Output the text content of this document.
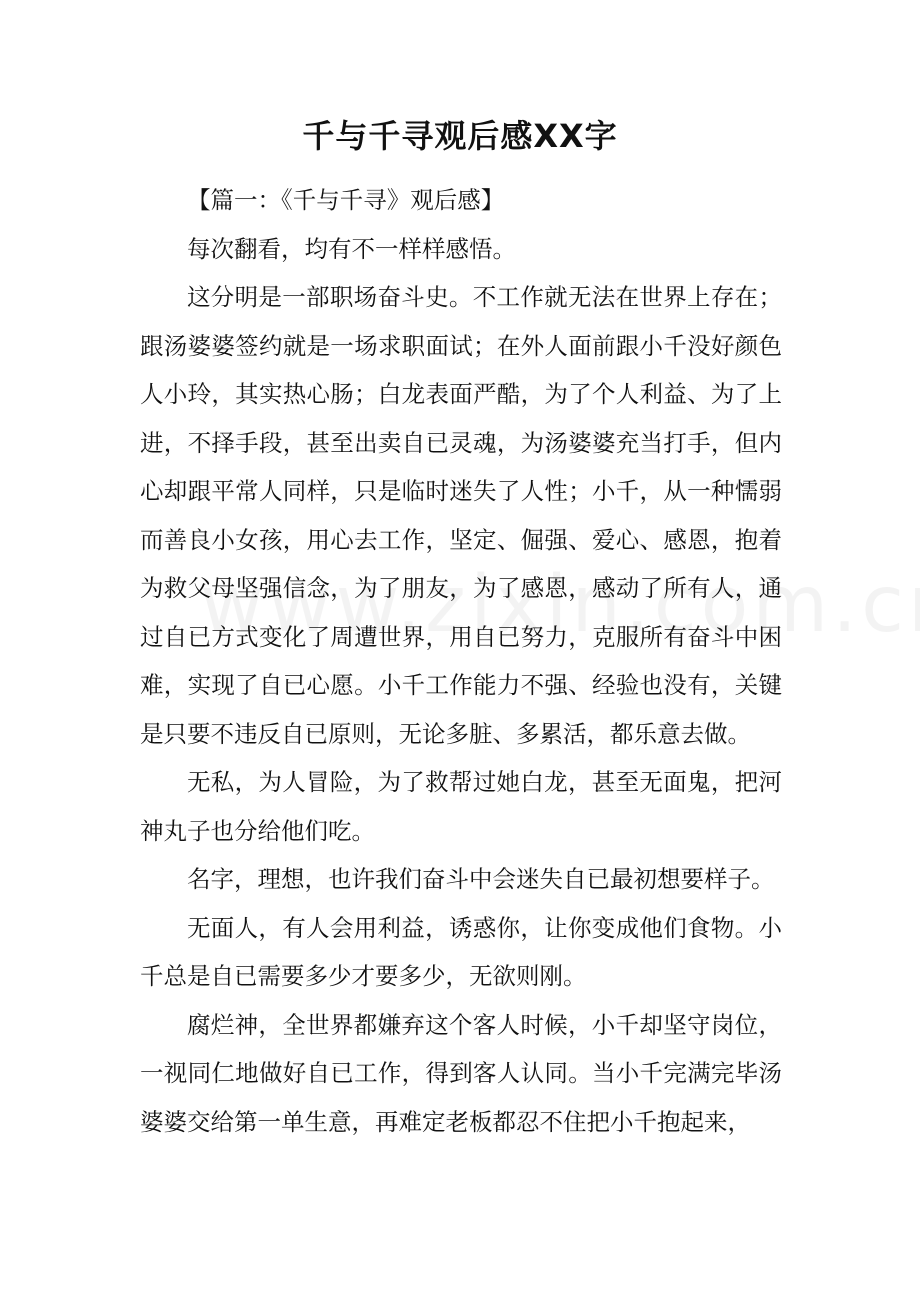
千与千寻观后感XX字

【篇一：《千与千寻》观后感】

每次翻看，均有不一样样感悟。

这分明是一部职场奋斗史。不工作就无法在世界上存在；跟汤婆婆签约就是一场求职面试；在外人面前跟小千没好颜色人小玲，其实热心肠；白龙表面严酷，为了个人利益、为了上进，不择手段，甚至出卖自已灵魂，为汤婆婆充当打手，但内心却跟平常人同样，只是临时迷失了人性；小千，从一种懦弱而善良小女孩，用心去工作，坚定、倔强、爱心、感恩，抱着为救父母坚强信念，为了朋友，为了感恩，感动了所有人，通过自已方式变化了周遭世界，用自已努力，克服所有奋斗中困难，实现了自已心愿。小千工作能力不强、经验也没有，关键是只要不违反自已原则，无论多脏、多累活，都乐意去做。

无私，为人冒险，为了救帮过她白龙，甚至无面鬼，把河神丸子也分给他们吃。

名字，理想，也许我们奋斗中会迷失自已最初想要样子。

无面人，有人会用利益，诱惑你，让你变成他们食物。小千总是自已需要多少才要多少，无欲则刚。

腐烂神，全世界都嫌弃这个客人时候，小千却坚守岗位，一视同仁地做好自已工作，得到客人认同。当小千完满完毕汤婆婆交给第一单生意，再难定老板都忍不住把小千抱起来，
